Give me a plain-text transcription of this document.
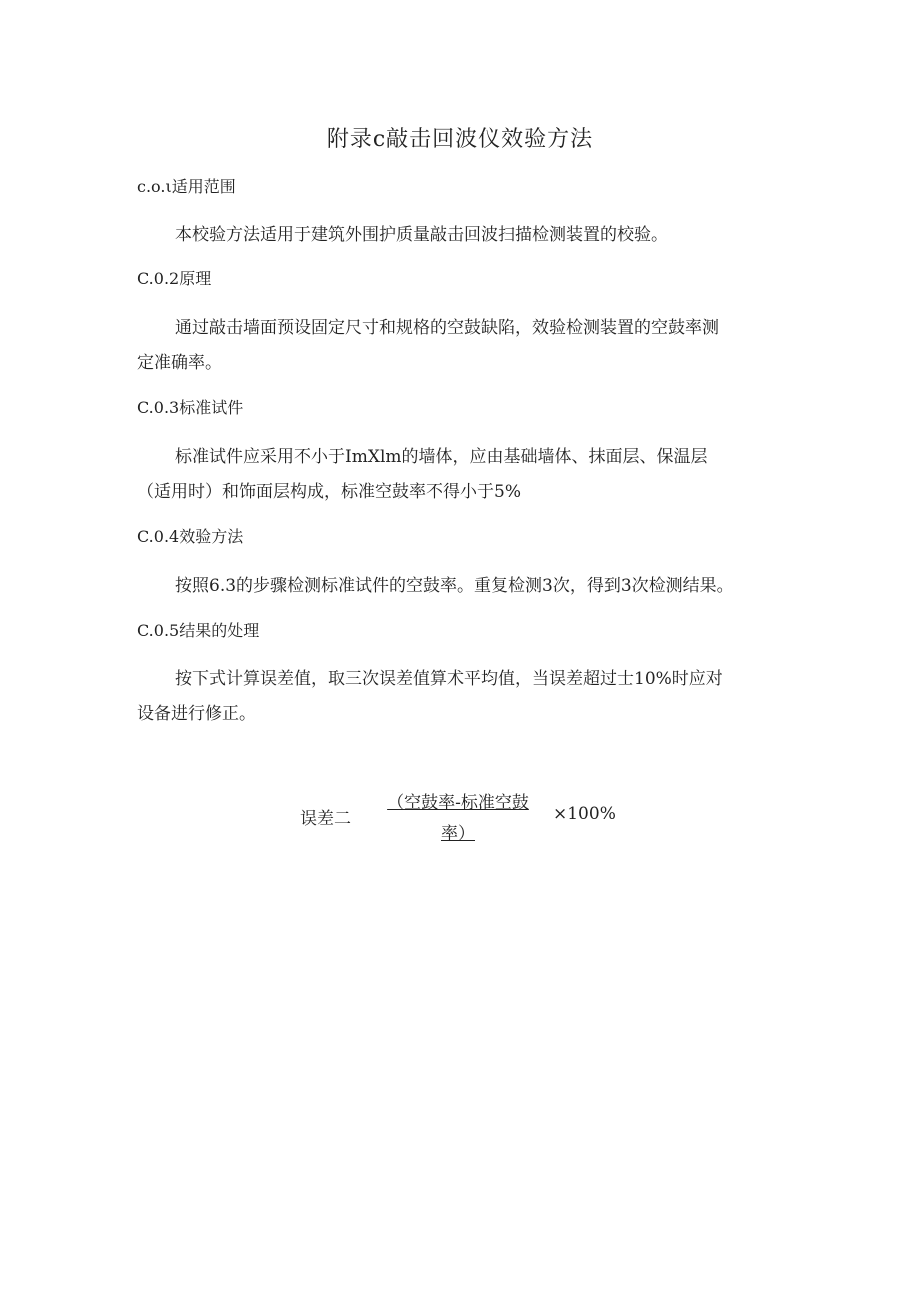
附录c敲击回波仪效验方法
c.o.ι适用范围
本校验方法适用于建筑外围护质量敲击回波扫描检测装置的校验。
C.0.2原理
通过敲击墙面预设固定尺寸和规格的空鼓缺陷，效验检测装置的空鼓率测
定准确率。
C.0.3标准试件
标准试件应采用不小于ImXlm的墙体，应由基础墙体、抹面层、保温层
（适用时）和饰面层构成，标准空鼓率不得小于5%
C.0.4效验方法
按照6.3的步骤检测标准试件的空鼓率。重复检测3次，得到3次检测结果。
C.0.5结果的处理
按下式计算误差值，取三次误差值算术平均值，当误差超过士10%时应对
设备进行修正。
误差二
（空鼓率-标准空鼓
率）
×100%
